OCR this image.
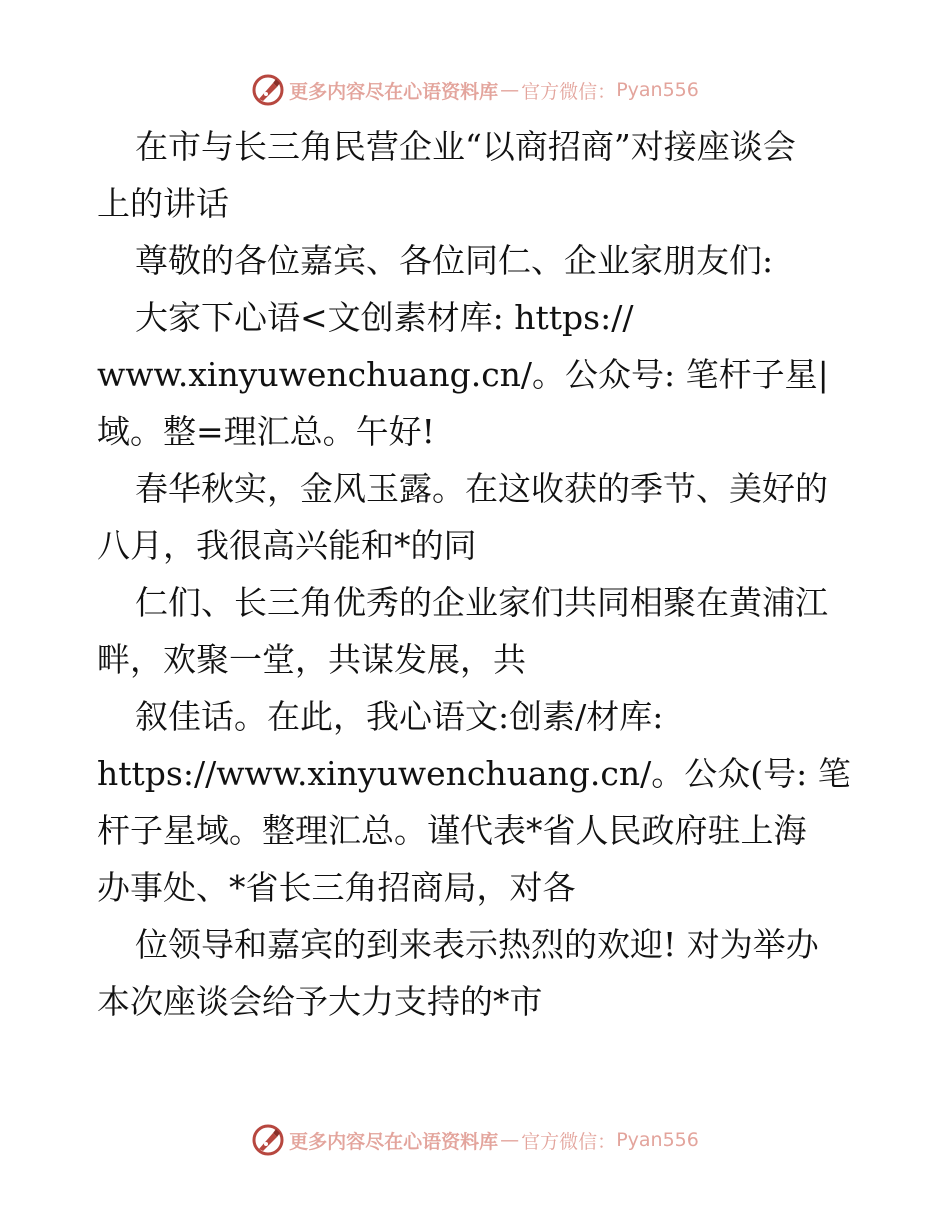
更多内容尽在心语资料库 — 官方微信： Pyan556
在市与长三角民营企业“以商招商”对接座谈会
上的讲话
尊敬的各位嘉宾、各位同仁、企业家朋友们:
大家下心语<文创素材库: https://
www.xinyuwenchuang.cn/。公众号: 笔杆子星|
域。整=理汇总。午好!
春华秋实，金风玉露。在这收获的季节、美好的
八月，我很高兴能和*的同
仁们、长三角优秀的企业家们共同相聚在黄浦江
畔，欢聚一堂，共谋发展，共
叙佳话。在此，我心语文:创素/材库:
https://www.xinyuwenchuang.cn/。公众(号: 笔
杆子星域。整理汇总。谨代表*省人民政府驻上海
办事处、*省长三角招商局，对各
位领导和嘉宾的到来表示热烈的欢迎! 对为举办
本次座谈会给予大力支持的*市
更多内容尽在心语资料库 — 官方微信： Pyan556
